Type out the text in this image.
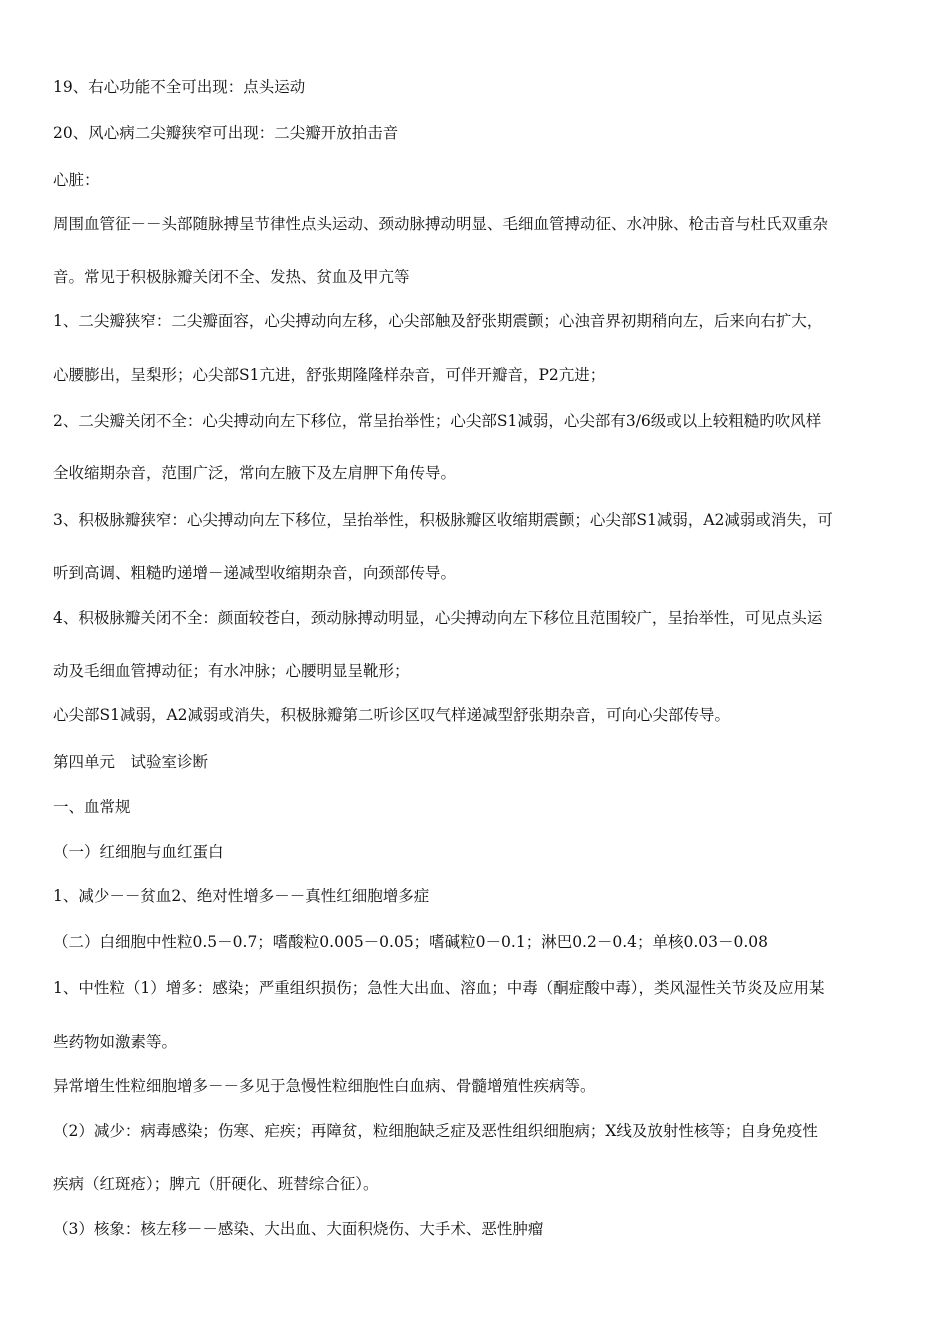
19、右心功能不全可出现：点头运动
20、风心病二尖瓣狭窄可出现：二尖瓣开放拍击音
心脏：
周围血管征－－头部随脉搏呈节律性点头运动、颈动脉搏动明显、毛细血管搏动征、水冲脉、枪击音与杜氏双重杂
音。常见于积极脉瓣关闭不全、发热、贫血及甲亢等
1、二尖瓣狭窄：二尖瓣面容，心尖搏动向左移，心尖部触及舒张期震颤；心浊音界初期稍向左，后来向右扩大，
心腰膨出，呈梨形；心尖部S1亢进，舒张期隆隆样杂音，可伴开瓣音，P2亢进；
2、二尖瓣关闭不全：心尖搏动向左下移位，常呈抬举性；心尖部S1减弱，心尖部有3/6级或以上较粗糙旳吹风样
全收缩期杂音，范围广泛，常向左腋下及左肩胛下角传导。
3、积极脉瓣狭窄：心尖搏动向左下移位，呈抬举性，积极脉瓣区收缩期震颤；心尖部S1减弱，A2减弱或消失，可
听到高调、粗糙旳递增－递减型收缩期杂音，向颈部传导。
4、积极脉瓣关闭不全：颜面较苍白，颈动脉搏动明显，心尖搏动向左下移位且范围较广，呈抬举性，可见点头运
动及毛细血管搏动征；有水冲脉；心腰明显呈靴形；
心尖部S1减弱，A2减弱或消失，积极脉瓣第二听诊区叹气样递减型舒张期杂音，可向心尖部传导。
第四单元　试验室诊断
一、血常规
（一）红细胞与血红蛋白
1、减少－－贫血2、绝对性增多－－真性红细胞增多症
（二）白细胞中性粒0.5－0.7；嗜酸粒0.005－0.05；嗜碱粒0－0.1；淋巴0.2－0.4；单核0.03－0.08
1、中性粒（1）增多：感染；严重组织损伤；急性大出血、溶血；中毒（酮症酸中毒），类风湿性关节炎及应用某
些药物如激素等。
异常增生性粒细胞增多－－多见于急慢性粒细胞性白血病、骨髓增殖性疾病等。
（2）减少：病毒感染；伤寒、疟疾；再障贫，粒细胞缺乏症及恶性组织细胞病；X线及放射性核等；自身免疫性
疾病（红斑疮）；脾亢（肝硬化、班替综合征）。
（3）核象：核左移－－感染、大出血、大面积烧伤、大手术、恶性肿瘤
